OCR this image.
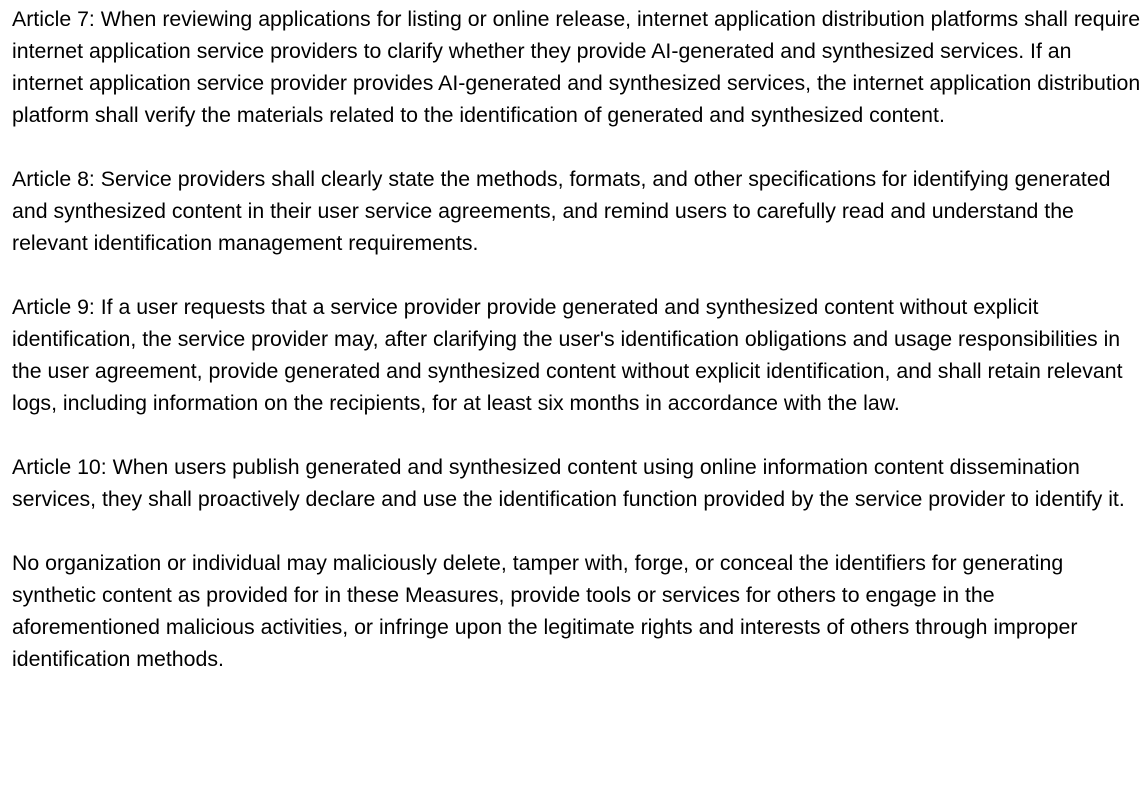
Article 7: When reviewing applications for listing or online release, internet application distribution platforms shall require internet application service providers to clarify whether they provide AI-generated and synthesized services. If an internet application service provider provides AI-generated and synthesized services, the internet application distribution platform shall verify the materials related to the identification of generated and synthesized content.

Article 8: Service providers shall clearly state the methods, formats, and other specifications for identifying generated and synthesized content in their user service agreements, and remind users to carefully read and understand the relevant identification management requirements.

Article 9: If a user requests that a service provider provide generated and synthesized content without explicit identification, the service provider may, after clarifying the user's identification obligations and usage responsibilities in the user agreement, provide generated and synthesized content without explicit identification, and shall retain relevant logs, including information on the recipients, for at least six months in accordance with the law.

Article 10: When users publish generated and synthesized content using online information content dissemination services, they shall proactively declare and use the identification function provided by the service provider to identify it.

No organization or individual may maliciously delete, tamper with, forge, or conceal the identifiers for generating synthetic content as provided for in these Measures, provide tools or services for others to engage in the aforementioned malicious activities, or infringe upon the legitimate rights and interests of others through improper identification methods.
